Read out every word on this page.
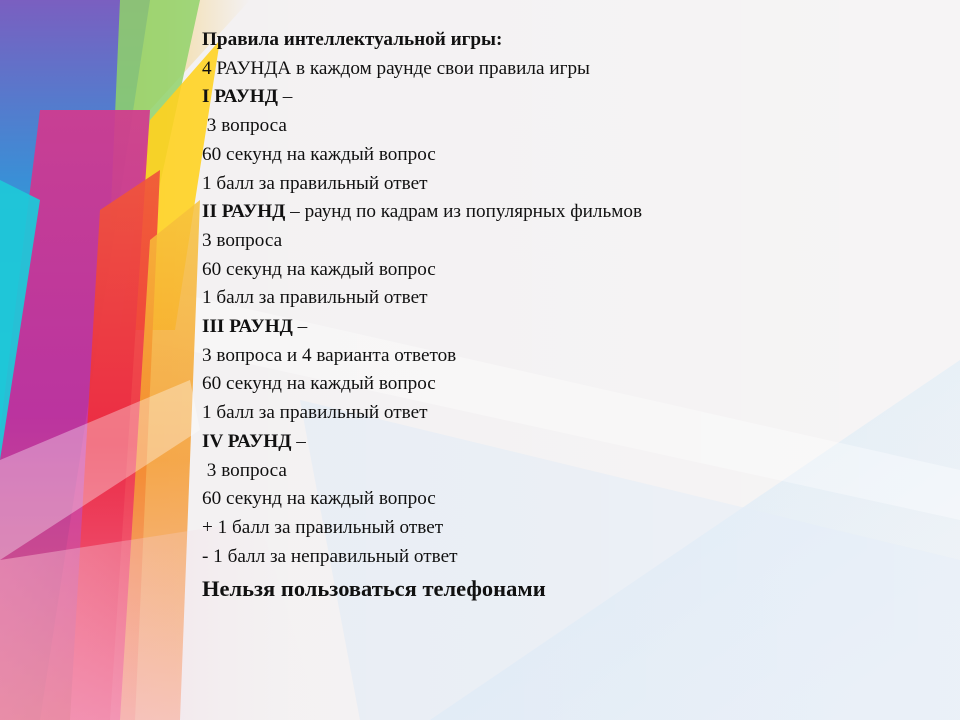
Правила интеллектуальной игры:
4 РАУНДА в каждом раунде свои правила игры
I РАУНД –
3 вопроса
60 секунд на каждый вопрос
1 балл за правильный ответ
II РАУНД – раунд по кадрам из популярных фильмов
3 вопроса
60 секунд на каждый вопрос
1 балл за правильный ответ
III РАУНД –
3 вопроса и 4 варианта ответов
60 секунд на каждый вопрос
1 балл за правильный ответ
IV РАУНД –
3 вопроса
60 секунд на каждый вопрос
+ 1 балл за правильный ответ
- 1 балл за неправильный ответ
Нельзя пользоваться телефонами
